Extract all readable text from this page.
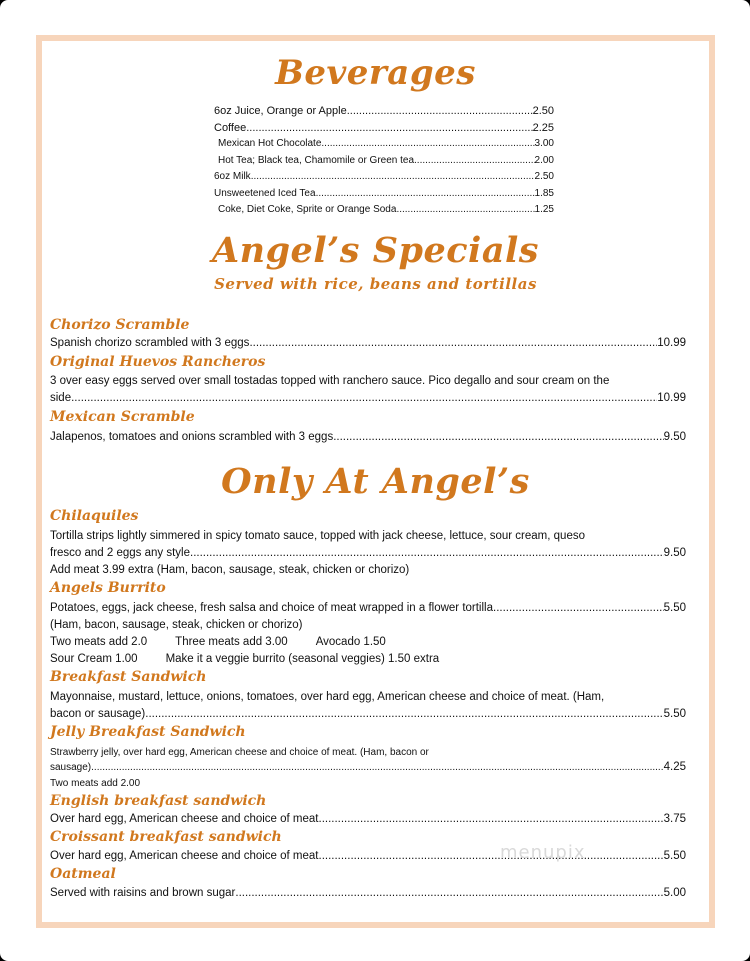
Beverages
6oz Juice, Orange or Apple .....	2.50
Coffee .....	2.25
Mexican Hot Chocolate .....	3.00
Hot Tea; Black tea, Chamomile or Green tea .....	2.00
6oz Milk .....	2.50
Unsweetened Iced Tea .....	1.85
Coke, Diet Coke, Sprite or Orange Soda .....	1.25
Angel’s Specials
Served with rice, beans and tortillas
Chorizo Scramble
Spanish chorizo scrambled with 3 eggs .....	10.99
Original Huevos Rancheros
3 over easy eggs served over small tostadas topped with ranchero sauce. Pico degallo and sour cream on the
side .....	10.99
Mexican Scramble
Jalapenos, tomatoes and onions scrambled with 3 eggs .....	9.50
Only At Angel’s
Chilaquiles
Tortilla strips lightly simmered in spicy tomato sauce, topped with jack cheese, lettuce, sour cream, queso
fresco and 2 eggs any style .....	9.50
Add meat 3.99 extra (Ham, bacon, sausage, steak, chicken or chorizo)
Angels Burrito
Potatoes, eggs, jack cheese, fresh salsa and choice of meat wrapped in a flower tortilla .....	5.50
(Ham, bacon, sausage, steak, chicken or chorizo)
Two meats add 2.0 Three meats add 3.00 Avocado 1.50
Sour Cream 1.00 Make it a veggie burrito (seasonal veggies) 1.50 extra
Breakfast Sandwich
Mayonnaise, mustard, lettuce, onions, tomatoes, over hard egg, American cheese and choice of meat. (Ham,
bacon or sausage) .....	5.50
Jelly Breakfast Sandwich
Strawberry jelly, over hard egg, American cheese and choice of meat. (Ham, bacon or
sausage) .....	4.25
Two meats add 2.00
English breakfast sandwich
Over hard egg, American cheese and choice of meat .....	3.75
Croissant breakfast sandwich
Over hard egg, American cheese and choice of meat .....	5.50
Oatmeal
Served with raisins and brown sugar .....	5.00
menupix
